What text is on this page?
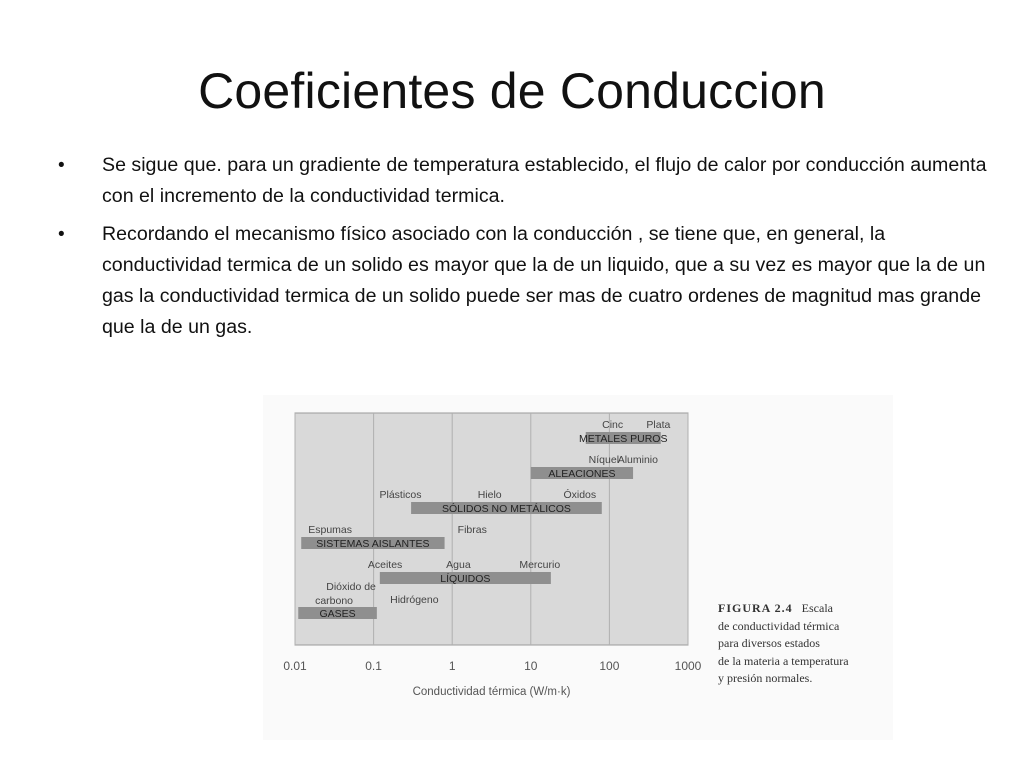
Coeficientes de Conduccion
• Se sigue que. para un gradiente de temperatura establecido, el flujo de calor por conducción aumenta con el incremento de la conductividad termica.
• Recordando el mecanismo físico asociado con la conducción , se tiene que, en general, la conductividad termica de un solido es mayor que la de un liquido, que a su vez es mayor que la de un gas la conductividad termica de un solido puede ser mas de cuatro ordenes de magnitud mas grande que la de un gas.
0.01	0.1	1	10	100	1000
Conductividad térmica (W/m·k)
METALES PUROS
Cinc Plata
ALEACIONES
Níquel
Aluminio
SÓLIDOS NO METÁLICOS
Plásticos	Hielo	Óxidos
SISTEMAS AISLANTES
Espumas	Fibras
LÍQUIDOS
Aceites	Agua	Mercurio
GASES
Dióxido de
carbono	Hidrógeno
FIGURA 2.4 Escala
de conductividad térmica
para diversos estados
de la materia a temperatura
y presión normales.
